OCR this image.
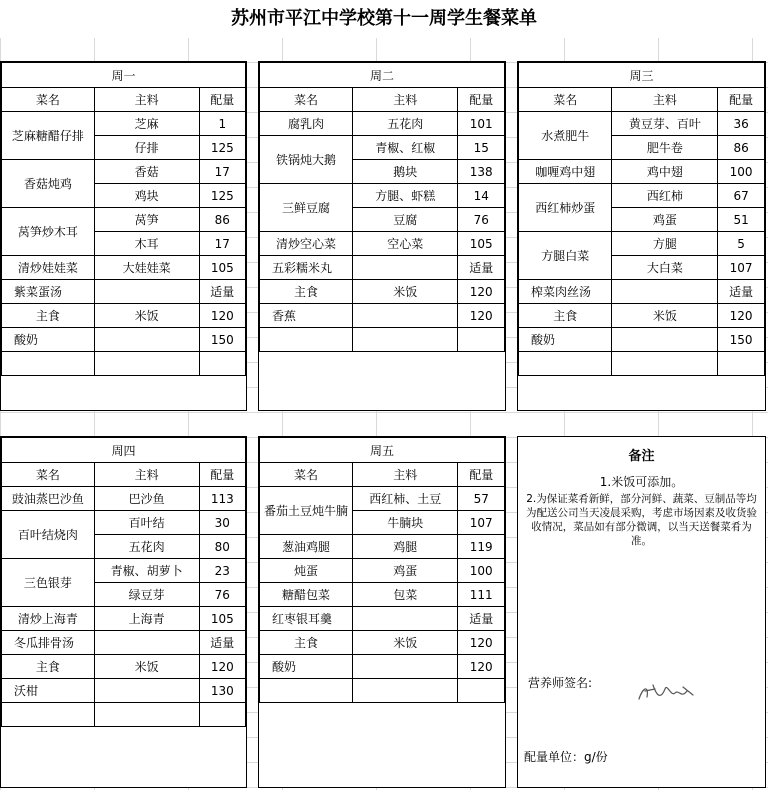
苏州市平江中学校第十一周学生餐菜单
周一		
菜名	主料	配量
芝麻糖醋仔排	芝麻	1
	仔排	125
香菇炖鸡	香菇	17
	鸡块	125
莴笋炒木耳	莴笋	86
	木耳	17
清炒娃娃菜	大娃娃菜	105
紫菜蛋汤		适量
主食	米饭	120
酸奶		150

周二		
菜名	主料	配量
腐乳肉	五花肉	101
铁锅炖大鹅	青椒、红椒	15
	鹅块	138
三鲜豆腐	方腿、虾糕	14
	豆腐	76
清炒空心菜	空心菜	105
五彩糯米丸		适量
主食	米饭	120
香蕉		120

周三		
菜名	主料	配量
水煮肥牛	黄豆芽、百叶	36
	肥牛卷	86
咖喱鸡中翅	鸡中翅	100
西红柿炒蛋	西红柿	67
	鸡蛋	51
方腿白菜	方腿	5
	大白菜	107
榨菜肉丝汤		适量
主食	米饭	120
酸奶		150

周四		
菜名	主料	配量
豉油蒸巴沙鱼	巴沙鱼	113
百叶结烧肉	百叶结	30
	五花肉	80
三色银芽	青椒、胡萝卜	23
	绿豆芽	76
清炒上海青	上海青	105
冬瓜排骨汤		适量
主食	米饭	120
沃柑		130

周五		
菜名	主料	配量
番茄土豆炖牛腩	西红柿、土豆	57
	牛腩块	107
葱油鸡腿	鸡腿	119
炖蛋	鸡蛋	100
糖醋包菜	包菜	111
红枣银耳羹		适量
主食	米饭	120
酸奶		120

备注
1.米饭可添加。
2.为保证菜肴新鲜，部分河鲜、蔬菜、豆制品等均为配送公司当天凌晨采购，考虑市场因素及收货验收情况，菜品如有部分微调，以当天送餐菜肴为准。
营养师签名:
配量单位：g/份
